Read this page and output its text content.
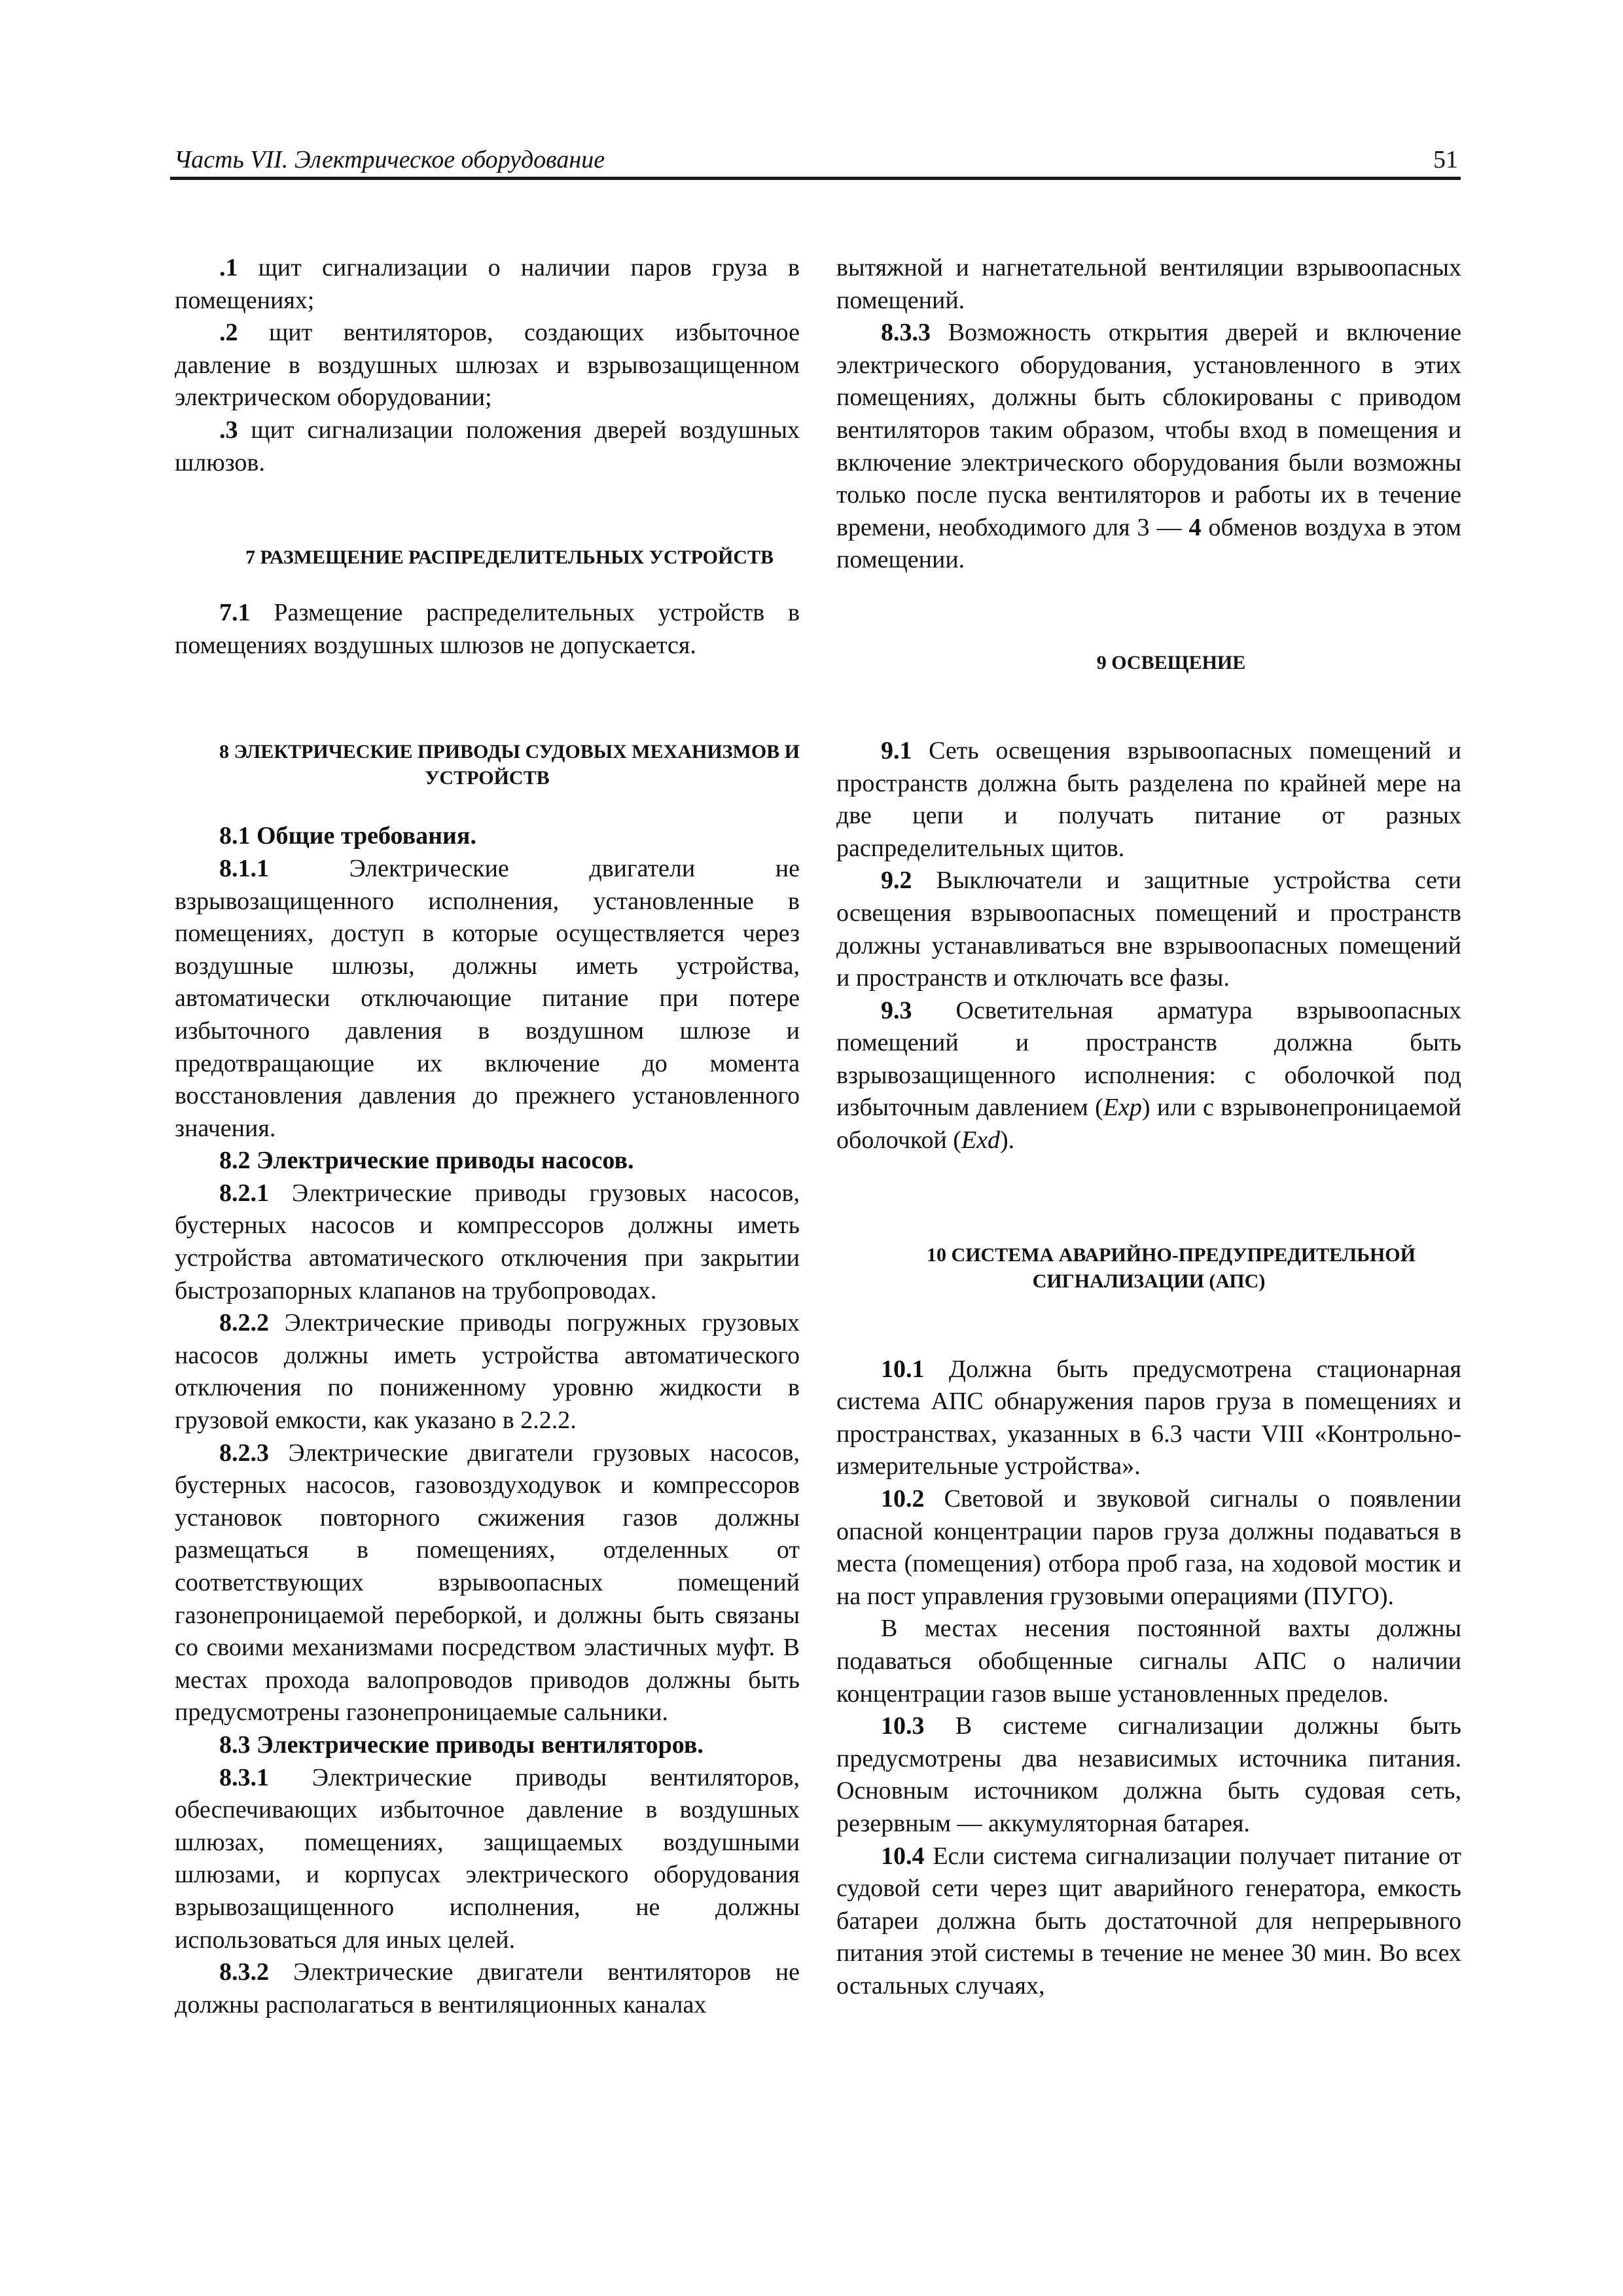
Часть VII. Электрическое оборудование	51

.1 щит сигнализации о наличии паров груза в помещениях;

.2 щит вентиляторов, создающих избыточное давление в воздушных шлюзах и взрывозащищенном электрическом оборудовании;

.3 щит сигнализации положения дверей воздушных шлюзов.

7 РАЗМЕЩЕНИЕ РАСПРЕДЕЛИТЕЛЬНЫХ УСТРОЙСТВ

7.1 Размещение распределительных устройств в помещениях воздушных шлюзов не допускается.

8 ЭЛЕКТРИЧЕСКИЕ ПРИВОДЫ СУДОВЫХ МЕХАНИЗМОВ И УСТРОЙСТВ

8.1 Общие требования.

8.1.1 Электрические двигатели не взрывозащищенного исполнения, установленные в помещениях, доступ в которые осуществляется через воздушные шлюзы, должны иметь устройства, автоматически отключающие питание при потере избыточного давления в воздушном шлюзе и предотвращающие их включение до момента восстановления давления до прежнего установленного значения.

8.2 Электрические приводы насосов.

8.2.1 Электрические приводы грузовых насосов, бустерных насосов и компрессоров должны иметь устройства автоматического отключения при закрытии быстрозапорных клапанов на трубопроводах.

8.2.2 Электрические приводы погружных грузовых насосов должны иметь устройства автоматического отключения по пониженному уровню жидкости в грузовой емкости, как указано в 2.2.2.

8.2.3 Электрические двигатели грузовых насосов, бустерных насосов, газовоздуходувок и компрессоров установок повторного сжижения газов должны размещаться в помещениях, отделенных от соответствующих взрывоопасных помещений газонепроницаемой переборкой, и должны быть связаны со своими механизмами посредством эластичных муфт. В местах прохода валопроводов приводов должны быть предусмотрены газонепроницаемые сальники.

8.3 Электрические приводы вентиляторов.

8.3.1 Электрические приводы вентиляторов, обеспечивающих избыточное давление в воздушных шлюзах, помещениях, защищаемых воздушными шлюзами, и корпусах электрического оборудования взрывозащищенного исполнения, не должны использоваться для иных целей.

8.3.2 Электрические двигатели вентиляторов не должны располагаться в вентиляционных каналах

вытяжной и нагнетательной вентиляции взрывоопасных помещений.

8.3.3 Возможность открытия дверей и включение электрического оборудования, установленного в этих помещениях, должны быть сблокированы с приводом вентиляторов таким образом, чтобы вход в помещения и включение электрического оборудования были возможны только после пуска вентиляторов и работы их в течение времени, необходимого для 3 — 4 обменов воздуха в этом помещении.

9 ОСВЕЩЕНИЕ

9.1 Сеть освещения взрывоопасных помещений и пространств должна быть разделена по крайней мере на две цепи и получать питание от разных распределительных щитов.

9.2 Выключатели и защитные устройства сети освещения взрывоопасных помещений и пространств должны устанавливаться вне взрывоопасных помещений и пространств и отключать все фазы.

9.3 Осветительная арматура взрывоопасных помещений и пространств должна быть взрывозащищенного исполнения: с оболочкой под избыточным давлением (Exp) или с взрывонепроницаемой оболочкой (Exd).

10 СИСТЕМА АВАРИЙНО-ПРЕДУПРЕДИТЕЛЬНОЙ СИГНАЛИЗАЦИИ (АПС)

10.1 Должна быть предусмотрена стационарная система АПС обнаружения паров груза в помещениях и пространствах, указанных в 6.3 части VIII «Контрольно-измерительные устройства».

10.2 Световой и звуковой сигналы о появлении опасной концентрации паров груза должны подаваться в места (помещения) отбора проб газа, на ходовой мостик и на пост управления грузовыми операциями (ПУГО).

В местах несения постоянной вахты должны подаваться обобщенные сигналы АПС о наличии концентрации газов выше установленных пределов.

10.3 В системе сигнализации должны быть предусмотрены два независимых источника питания. Основным источником должна быть судовая сеть, резервным — аккумуляторная батарея.

10.4 Если система сигнализации получает питание от судовой сети через щит аварийного генератора, емкость батареи должна быть достаточной для непрерывного питания этой системы в течение не менее 30 мин. Во всех остальных случаях,
